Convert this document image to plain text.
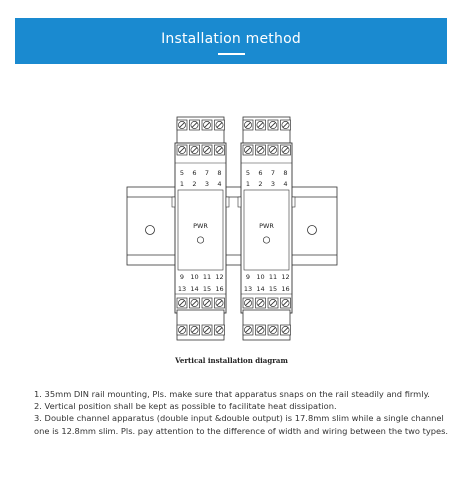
Installation method
5 6 7 8
1 2 3 4
PWR
9 10 11 12
13 14 15 16
5 6 7 8
1 2 3 4
PWR
9 10 11 12
13 14 15 16
Vertical installation diagram

1. 35mm DIN rail mounting, Pls. make sure that apparatus snaps on the rail steadily and firmly.

2. Vertical position shall be kept as possible to facilitate heat dissipation.

3. Double channel apparatus (double input &double output) is 17.8mm slim while a single channel

one is 12.8mm slim. Pls. pay attention to the difference of width and wiring between the two types.
